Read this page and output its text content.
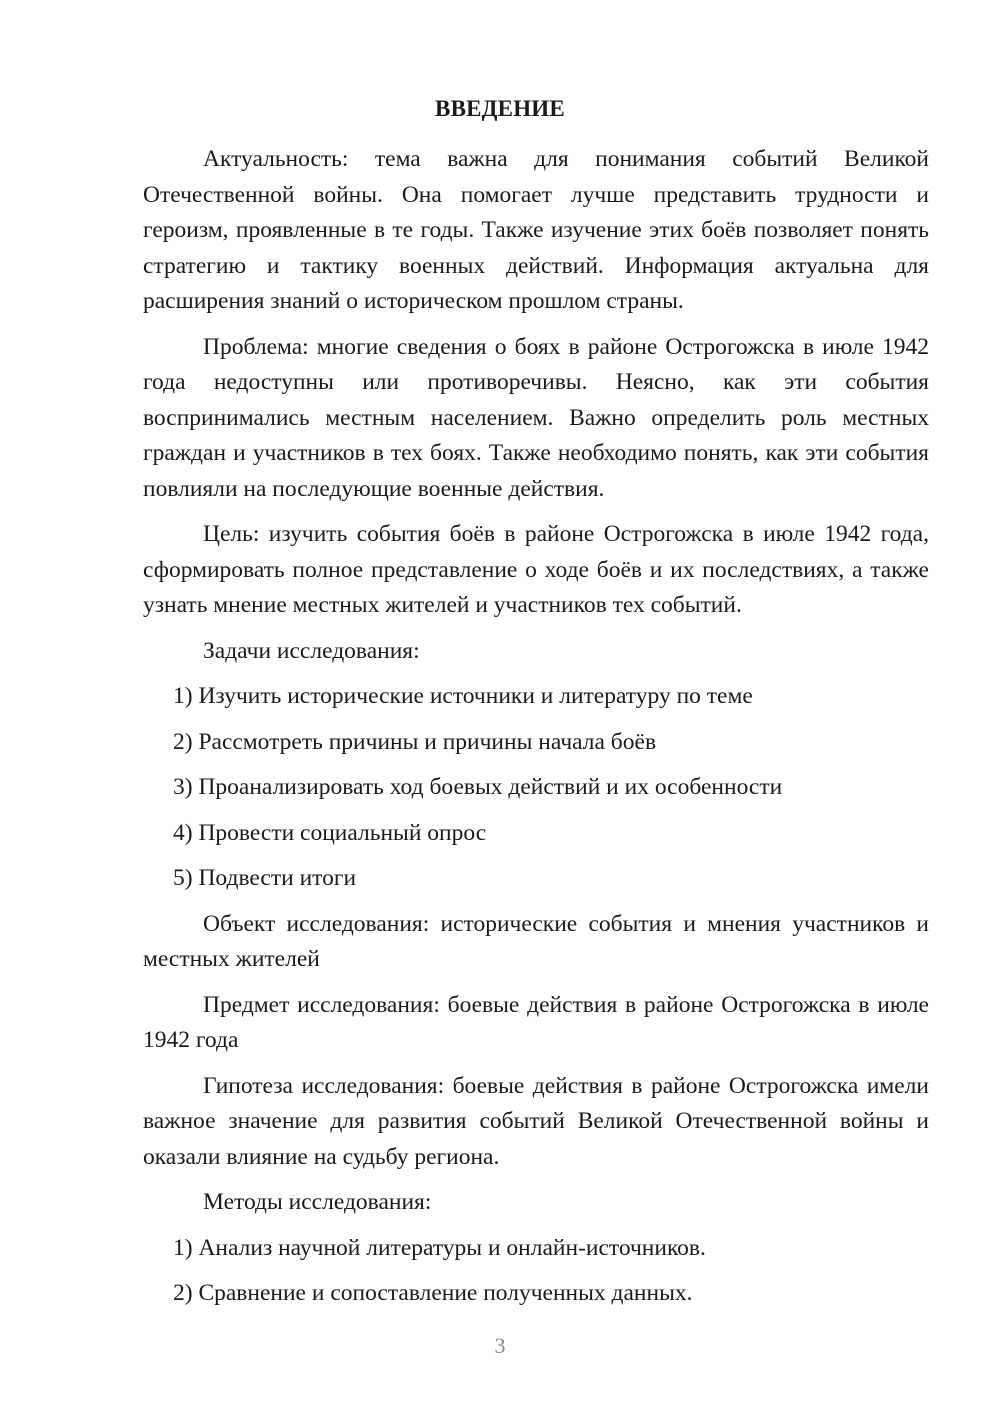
ВВЕДЕНИЕ

Актуальность: тема важна для понимания событий Великой Отечественной войны. Она помогает лучше представить трудности и героизм, проявленные в те годы. Также изучение этих боёв позволяет понять стратегию и тактику военных действий. Информация актуальна для расширения знаний о историческом прошлом страны.

Проблема: многие сведения о боях в районе Острогожска в июле 1942 года недоступны или противоречивы. Неясно, как эти события воспринимались местным населением. Важно определить роль местных граждан и участников в тех боях. Также необходимо понять, как эти события повлияли на последующие военные действия.

Цель: изучить события боёв в районе Острогожска в июле 1942 года, сформировать полное представление о ходе боёв и их последствиях, а также узнать мнение местных жителей и участников тех событий.

Задачи исследования:

1) Изучить исторические источники и литературу по теме

2) Рассмотреть причины и причины начала боёв

3) Проанализировать ход боевых действий и их особенности

4) Провести социальный опрос

5) Подвести итоги

Объект исследования: исторические события и мнения участников и местных жителей

Предмет исследования: боевые действия в районе Острогожска в июле 1942 года

Гипотеза исследования: боевые действия в районе Острогожска имели важное значение для развития событий Великой Отечественной войны и оказали влияние на судьбу региона.

Методы исследования:

1) Анализ научной литературы и онлайн-источников.

2) Сравнение и сопоставление полученных данных.

3
